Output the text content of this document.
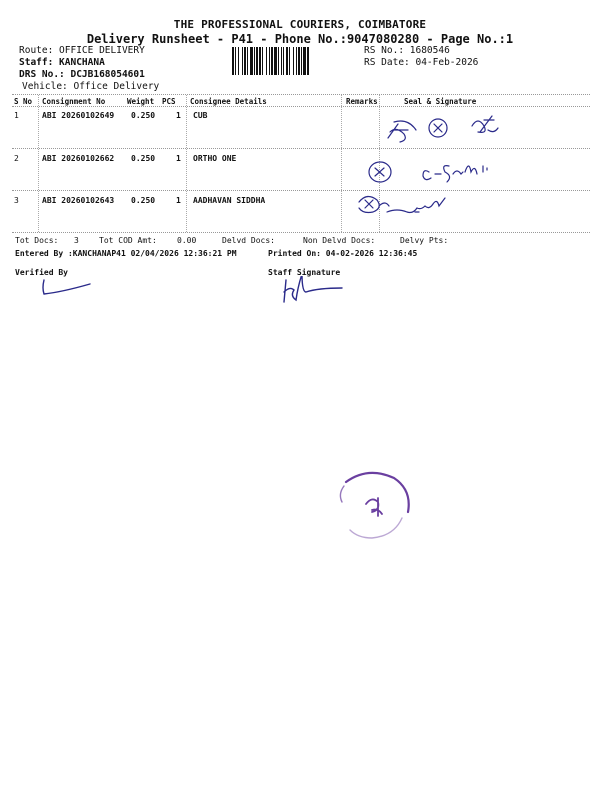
THE PROFESSIONAL COURIERS, COIMBATORE
Delivery Runsheet - P41 - Phone No.:9047080280 - Page No.:1
Route: OFFICE DELIVERY
Staff: KANCHANA
DRS No.: DCJB168054601
Vehicle: Office Delivery
RS No.: 1680546
RS Date: 04-Feb-2026
S No Consignment No	Weight PCS Consignee Details	Remarks	Seal & Signature
1	ABI 20260102649 0.250	1 CUB
2	ABI 20260102662 0.250	1 ORTHO ONE
3	ABI 20260102643 0.250	1 AADHAVAN SIDDHA
Tot Docs: 3	Tot COD Amt:	0.00	Delvd Docs:	Non Delvd Docs:	Delvy Pts:
Entered By :KANCHANAP41 02/04/2026 12:36:21 PM	Printed On: 04-02-2026 12:36:45
Verified By	Staff Signature
